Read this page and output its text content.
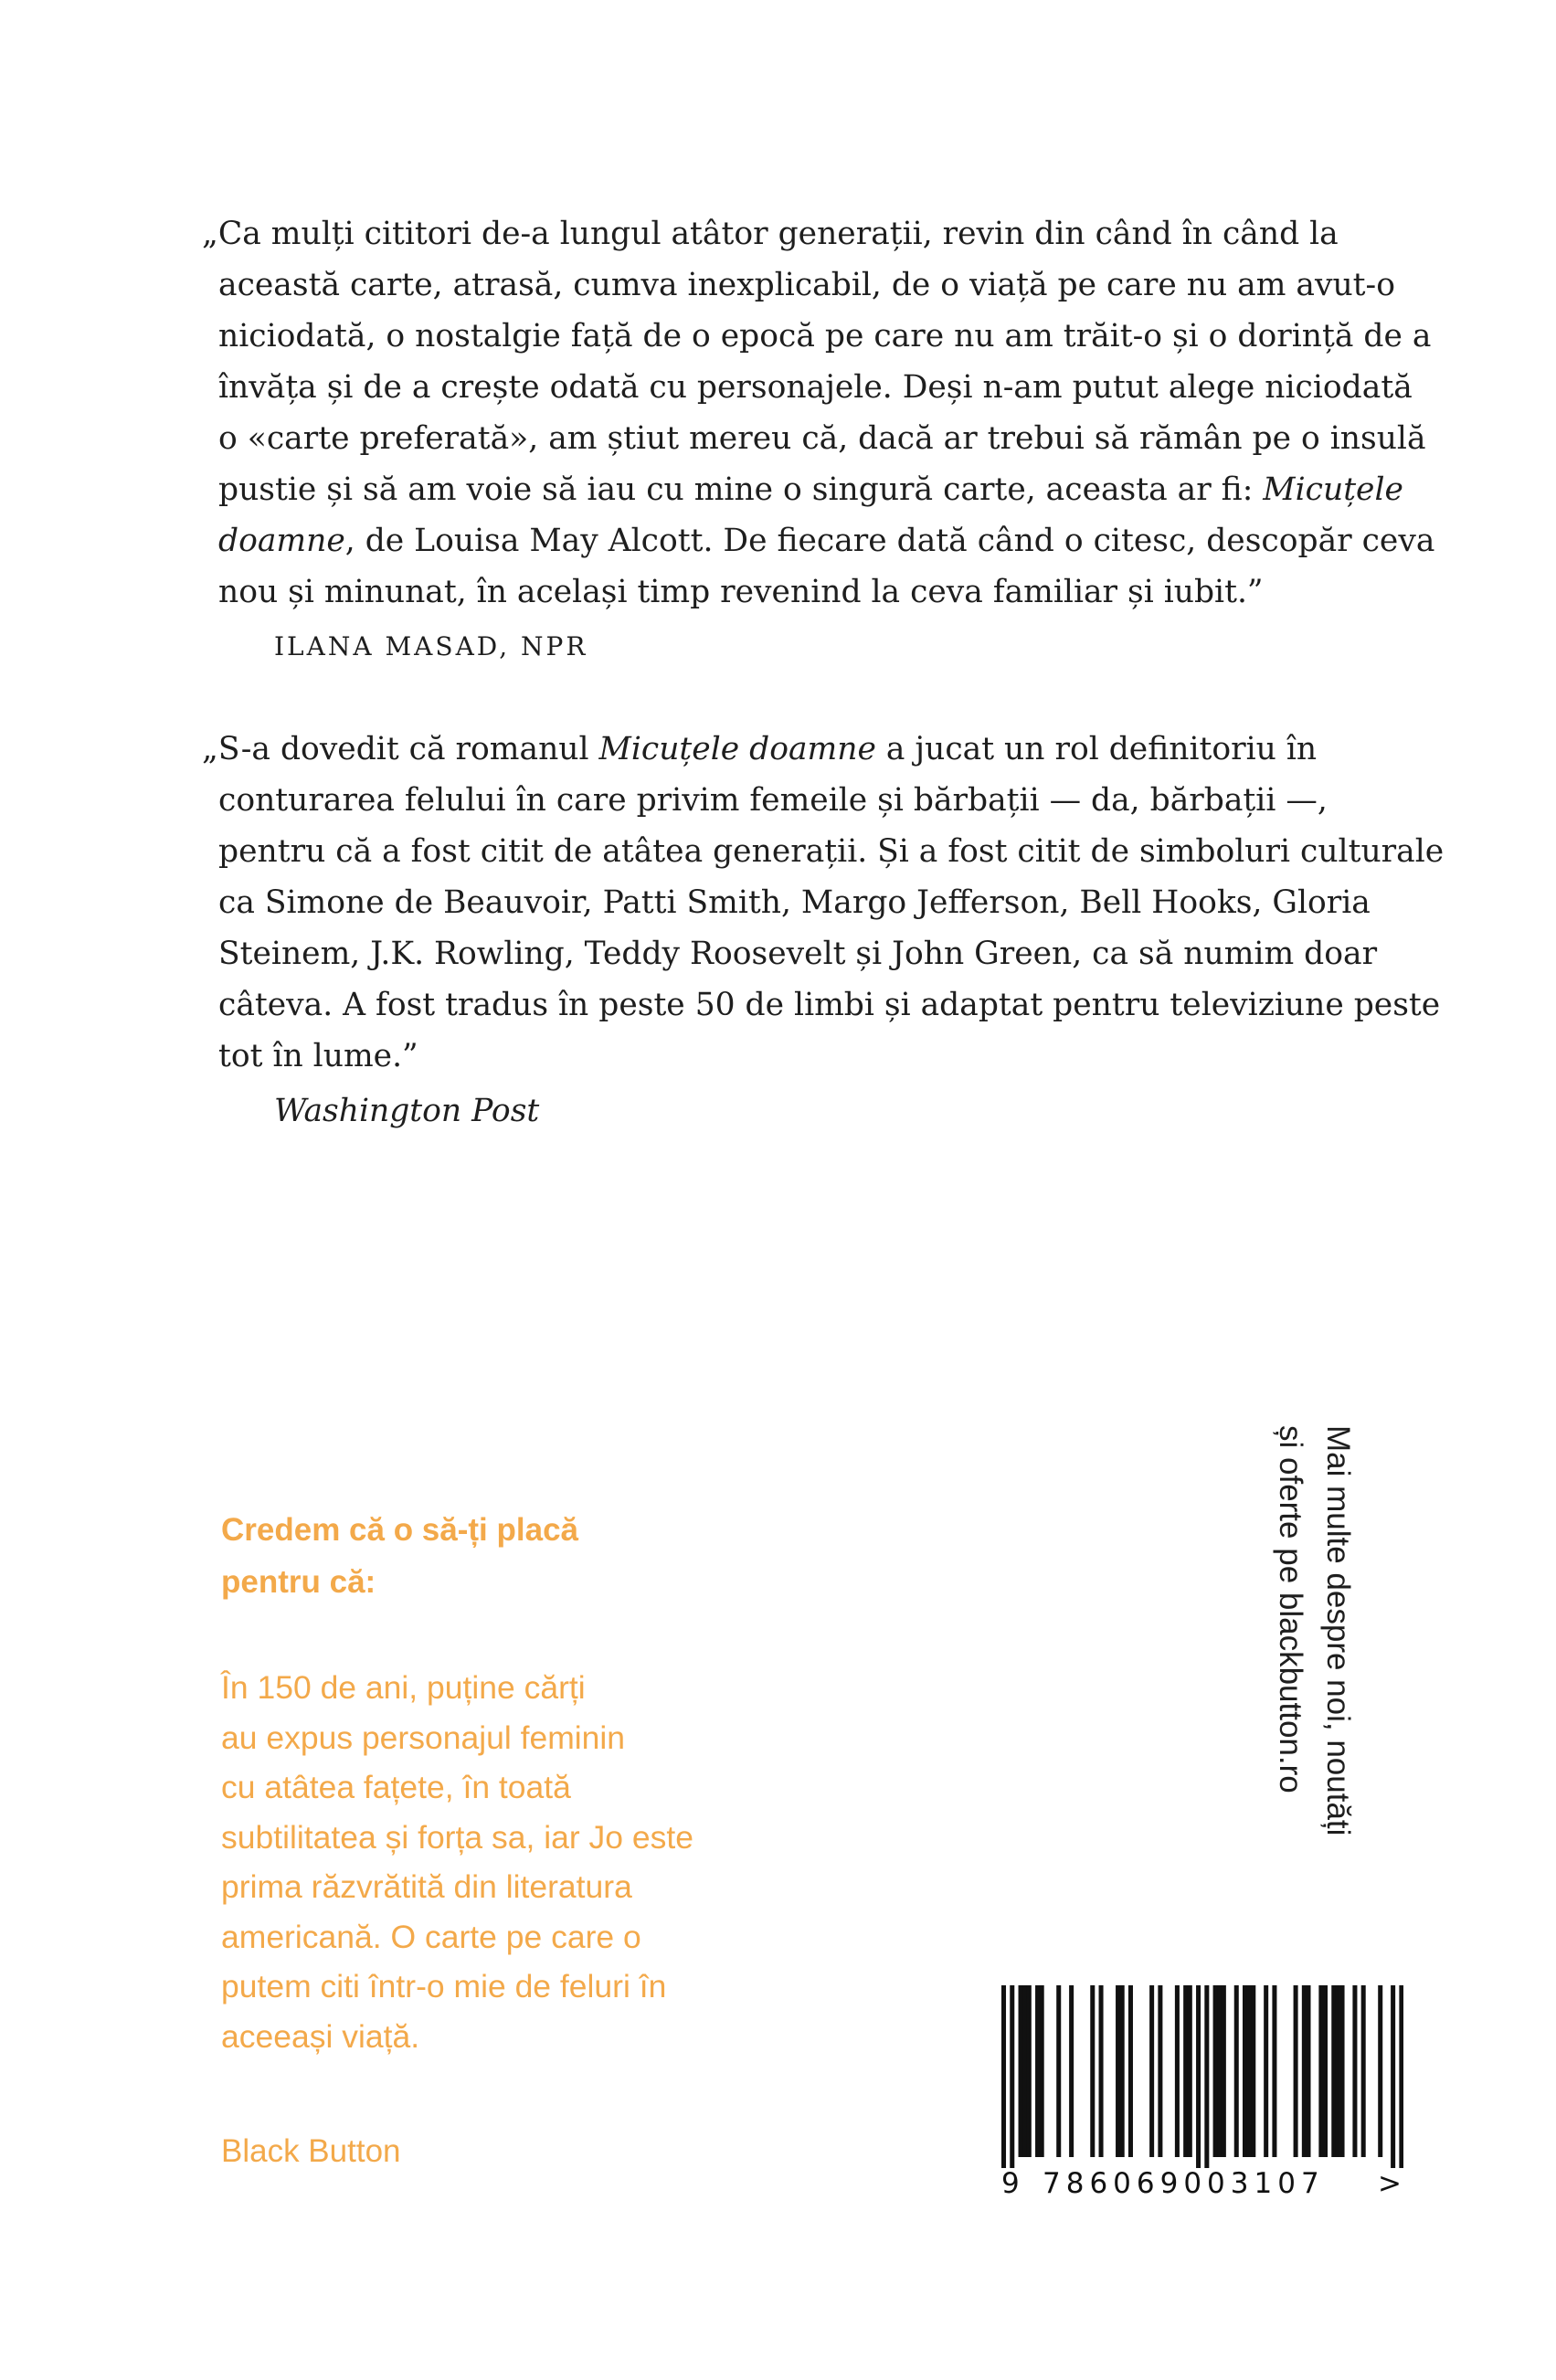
„Ca mulți cititori de-a lungul atâtor generații, revin din când în când la
această carte, atrasă, cumva inexplicabil, de o viață pe care nu am avut-o
niciodată, o nostalgie față de o epocă pe care nu am trăit-o și o dorință de a
învăța și de a crește odată cu personajele. Deși n-am putut alege niciodată
o «carte preferată», am știut mereu că, dacă ar trebui să rămân pe o insulă
pustie și să am voie să iau cu mine o singură carte, aceasta ar fi: Micuțele
doamne, de Louisa May Alcott. De fiecare dată când o citesc, descopăr ceva
nou și minunat, în același timp revenind la ceva familiar și iubit.”
ILANA MASAD, NPR
„S-a dovedit că romanul Micuțele doamne a jucat un rol definitoriu în
conturarea felului în care privim femeile și bărbații — da, bărbații —,
pentru că a fost citit de atâtea generații. Și a fost citit de simboluri culturale
ca Simone de Beauvoir, Patti Smith, Margo Jefferson, Bell Hooks, Gloria
Steinem, J.K. Rowling, Teddy Roosevelt și John Green, ca să numim doar
câteva. A fost tradus în peste 50 de limbi și adaptat pentru televiziune peste
tot în lume.”
Washington Post
Credem că o să-ți placă
pentru că:
În 150 de ani, puține cărți
au expus personajul feminin
cu atâtea fațete, în toată
subtilitatea și forța sa, iar Jo este
prima răzvrătită din literatura
americană. O carte pe care o
putem citi într-o mie de feluri în
aceeași viață.
Black Button
Mai multe despre noi, noutăți
și oferte pe blackbutton.ro
9 786069003107 >
